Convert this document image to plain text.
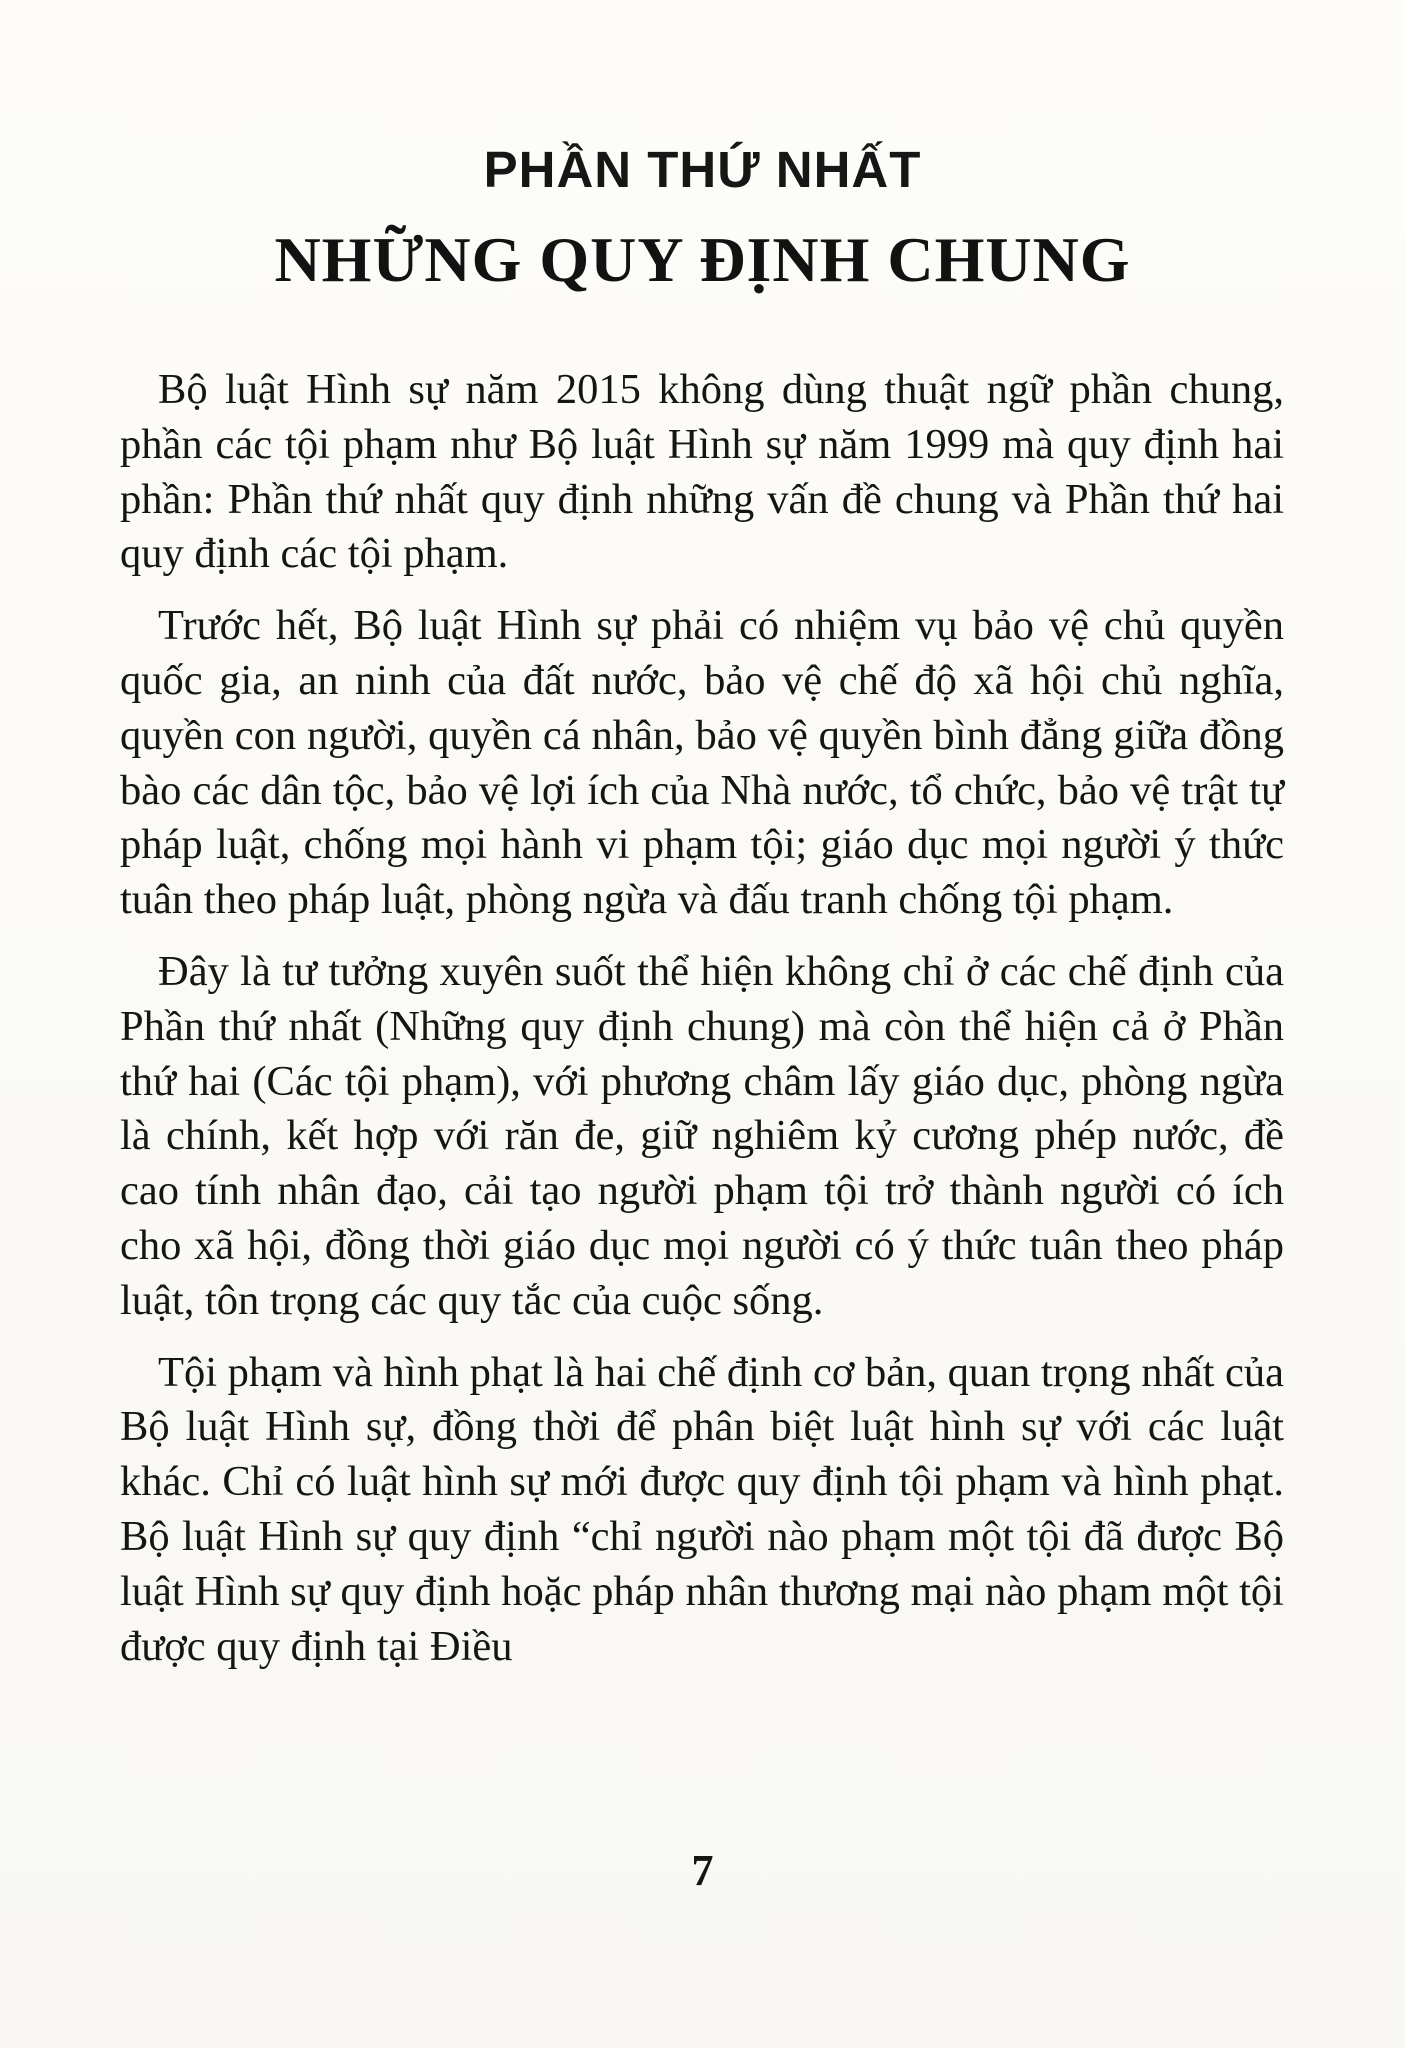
PHẦN THỨ NHẤT
NHỮNG QUY ĐỊNH CHUNG

Bộ luật Hình sự năm 2015 không dùng thuật ngữ phần chung, phần các tội phạm như Bộ luật Hình sự năm 1999 mà quy định hai phần: Phần thứ nhất quy định những vấn đề chung và Phần thứ hai quy định các tội phạm.

Trước hết, Bộ luật Hình sự phải có nhiệm vụ bảo vệ chủ quyền quốc gia, an ninh của đất nước, bảo vệ chế độ xã hội chủ nghĩa, quyền con người, quyền cá nhân, bảo vệ quyền bình đẳng giữa đồng bào các dân tộc, bảo vệ lợi ích của Nhà nước, tổ chức, bảo vệ trật tự pháp luật, chống mọi hành vi phạm tội; giáo dục mọi người ý thức tuân theo pháp luật, phòng ngừa và đấu tranh chống tội phạm.

Đây là tư tưởng xuyên suốt thể hiện không chỉ ở các chế định của Phần thứ nhất (Những quy định chung) mà còn thể hiện cả ở Phần thứ hai (Các tội phạm), với phương châm lấy giáo dục, phòng ngừa là chính, kết hợp với răn đe, giữ nghiêm kỷ cương phép nước, đề cao tính nhân đạo, cải tạo người phạm tội trở thành người có ích cho xã hội, đồng thời giáo dục mọi người có ý thức tuân theo pháp luật, tôn trọng các quy tắc của cuộc sống.

Tội phạm và hình phạt là hai chế định cơ bản, quan trọng nhất của Bộ luật Hình sự, đồng thời để phân biệt luật hình sự với các luật khác. Chỉ có luật hình sự mới được quy định tội phạm và hình phạt. Bộ luật Hình sự quy định “chỉ người nào phạm một tội đã được Bộ luật Hình sự quy định hoặc pháp nhân thương mại nào phạm một tội được quy định tại Điều

7
